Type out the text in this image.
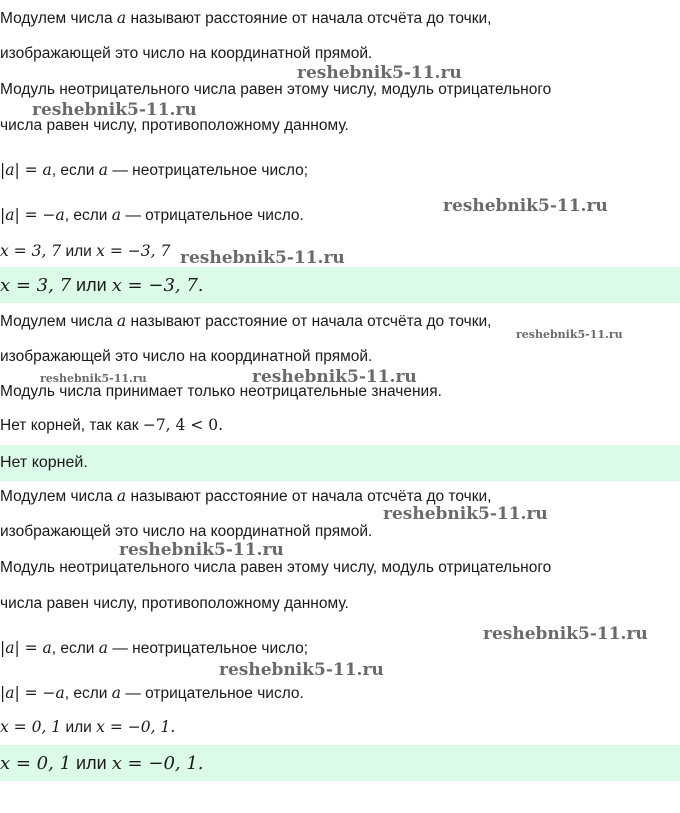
Модулем числа a называют расстояние от начала отсчёта до точки,
изображающей это число на координатной прямой.
Модуль неотрицательного числа равен этому числу, модуль отрицательного
числа равен числу, противоположному данному.
|a| = a, если a — неотрицательное число;
|a| = −a, если a — отрицательное число.
x = 3, 7 или x = −3, 7
x = 3, 7 или x = −3, 7.
Модулем числа a называют расстояние от начала отсчёта до точки,
изображающей это число на координатной прямой.
Модуль числа принимает только неотрицательные значения.
Нет корней, так как −7, 4 < 0.
Нет корней.
Модулем числа a называют расстояние от начала отсчёта до точки,
изображающей это число на координатной прямой.
Модуль неотрицательного числа равен этому числу, модуль отрицательного
числа равен числу, противоположному данному.
|a| = a, если a — неотрицательное число;
|a| = −a, если a — отрицательное число.
x = 0, 1 или x = −0, 1.
x = 0, 1 или x = −0, 1.
reshebnik5-11.ru
reshebnik5-11.ru
reshebnik5-11.ru
reshebnik5-11.ru
reshebnik5-11.ru
reshebnik5-11.ru	reshebnik5-11.ru
reshebnik5-11.ru
reshebnik5-11.ru
reshebnik5-11.ru
reshebnik5-11.ru
